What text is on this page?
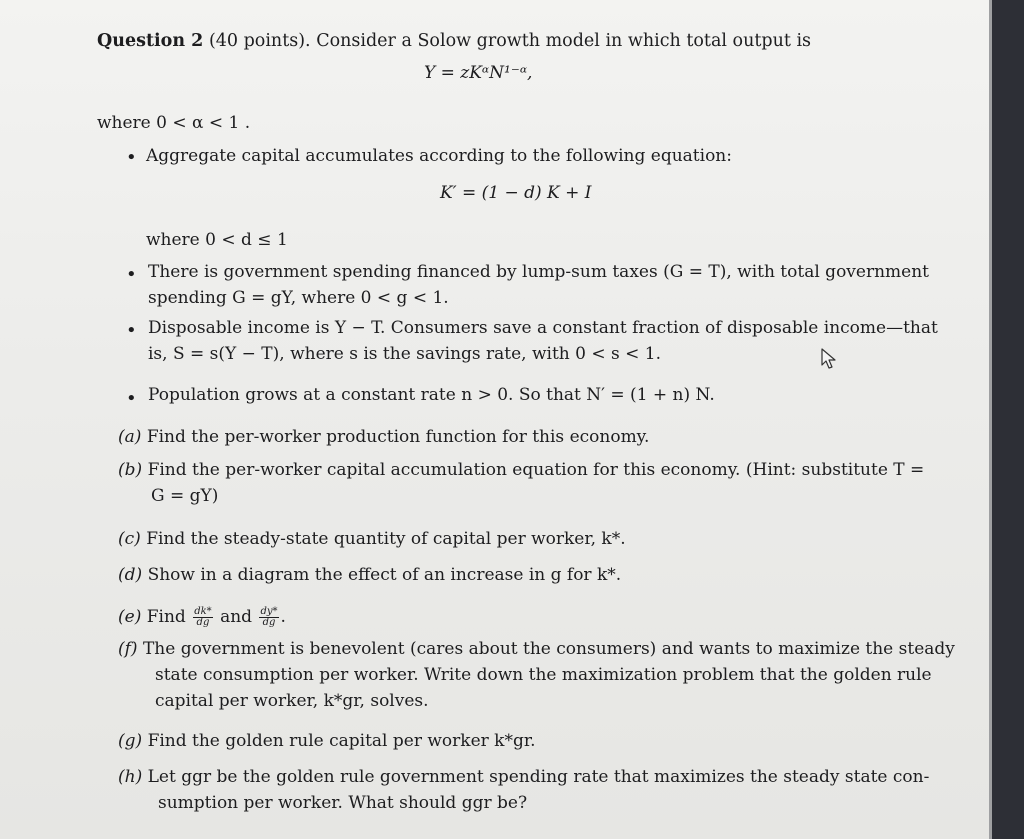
Question 2 (40 points). Consider a Solow growth model in which total output is
Y = zKᵅN¹⁻ᵅ,
where 0 < α < 1 .
• Aggregate capital accumulates according to the following equation:
K′ = (1 − d) K + I
where 0 < d ≤ 1
• There is government spending financed by lump-sum taxes (G = T), with total government
spending G = gY, where 0 < g < 1.
• Disposable income is Y − T. Consumers save a constant fraction of disposable income—that
is, S = s(Y − T), where s is the savings rate, with 0 < s < 1.
• Population grows at a constant rate n > 0. So that N′ = (1 + n) N.
(a) Find the per-worker production function for this economy.
(b) Find the per-worker capital accumulation equation for this economy. (Hint: substitute T =
G = gY)
(c) Find the steady-state quantity of capital per worker, k*.
(d) Show in a diagram the effect of an increase in g for k*.
(e) Find $\frac{dk*}{dg}$ and $\frac{dy*}{dg}$ .
(f) The government is benevolent (cares about the consumers) and wants to maximize the steady
state consumption per worker. Write down the maximization problem that the golden rule
capital per worker, k*gr, solves.
(g) Find the golden rule capital per worker k*gr.
(h) Let ggr be the golden rule government spending rate that maximizes the steady state con-
sumption per worker. What should ggr be?
